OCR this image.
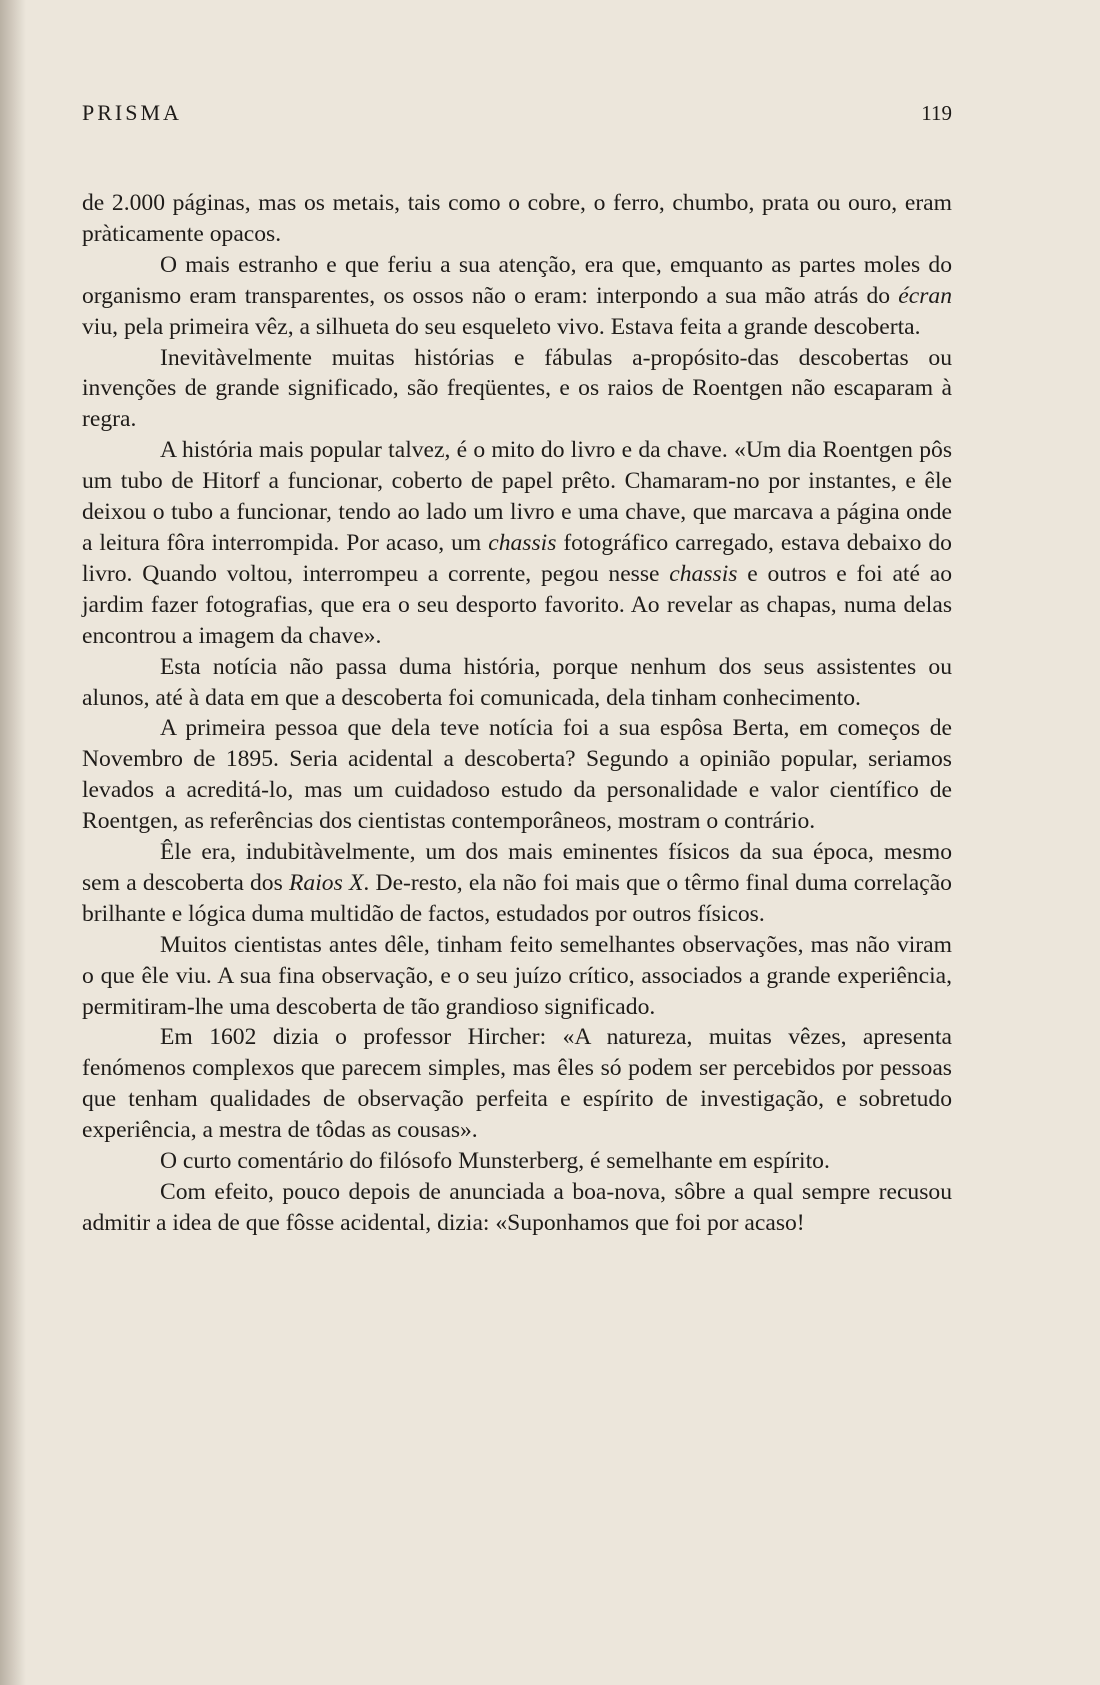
PRISMA	119

de 2.000 páginas, mas os metais, tais como o cobre, o ferro, chumbo, prata ou ouro, eram pràticamente opacos.

O mais estranho e que feriu a sua atenção, era que, emquanto as partes moles do organismo eram transparentes, os ossos não o eram: interpondo a sua mão atrás do écran viu, pela primeira vêz, a silhueta do seu esqueleto vivo. Estava feita a grande descoberta.

Inevitàvelmente muitas histórias e fábulas a-propósito-das descobertas ou invenções de grande significado, são freqüentes, e os raios de Roentgen não escaparam à regra.

A história mais popular talvez, é o mito do livro e da chave. «Um dia Roentgen pôs um tubo de Hitorf a funcionar, coberto de papel prêto. Chamaram-no por instantes, e êle deixou o tubo a funcionar, tendo ao lado um livro e uma chave, que marcava a página onde a leitura fôra interrompida. Por acaso, um chassis fotográfico carregado, estava debaixo do livro. Quando voltou, interrompeu a corrente, pegou nesse chassis e outros e foi até ao jardim fazer fotografias, que era o seu desporto favorito. Ao revelar as chapas, numa delas encontrou a imagem da chave».

Esta notícia não passa duma história, porque nenhum dos seus assistentes ou alunos, até à data em que a descoberta foi comunicada, dela tinham conhecimento.

A primeira pessoa que dela teve notícia foi a sua espôsa Berta, em começos de Novembro de 1895. Seria acidental a descoberta? Segundo a opinião popular, seriamos levados a acreditá-lo, mas um cuidadoso estudo da personalidade e valor científico de Roentgen, as referências dos cientistas contemporâneos, mostram o contrário.

Êle era, indubitàvelmente, um dos mais eminentes físicos da sua época, mesmo sem a descoberta dos Raios X. De-resto, ela não foi mais que o têrmo final duma correlação brilhante e lógica duma multidão de factos, estudados por outros físicos.

Muitos cientistas antes dêle, tinham feito semelhantes observações, mas não viram o que êle viu. A sua fina observação, e o seu juízo crítico, associados a grande experiência, permitiram-lhe uma descoberta de tão grandioso significado.

Em 1602 dizia o professor Hircher: «A natureza, muitas vêzes, apresenta fenómenos complexos que parecem simples, mas êles só podem ser percebidos por pessoas que tenham qualidades de observação perfeita e espírito de investigação, e sobretudo experiência, a mestra de tôdas as cousas».

O curto comentário do filósofo Munsterberg, é semelhante em espírito.

Com efeito, pouco depois de anunciada a boa-nova, sôbre a qual sempre recusou admitir a idea de que fôsse acidental, dizia: «Suponhamos que foi por acaso!
